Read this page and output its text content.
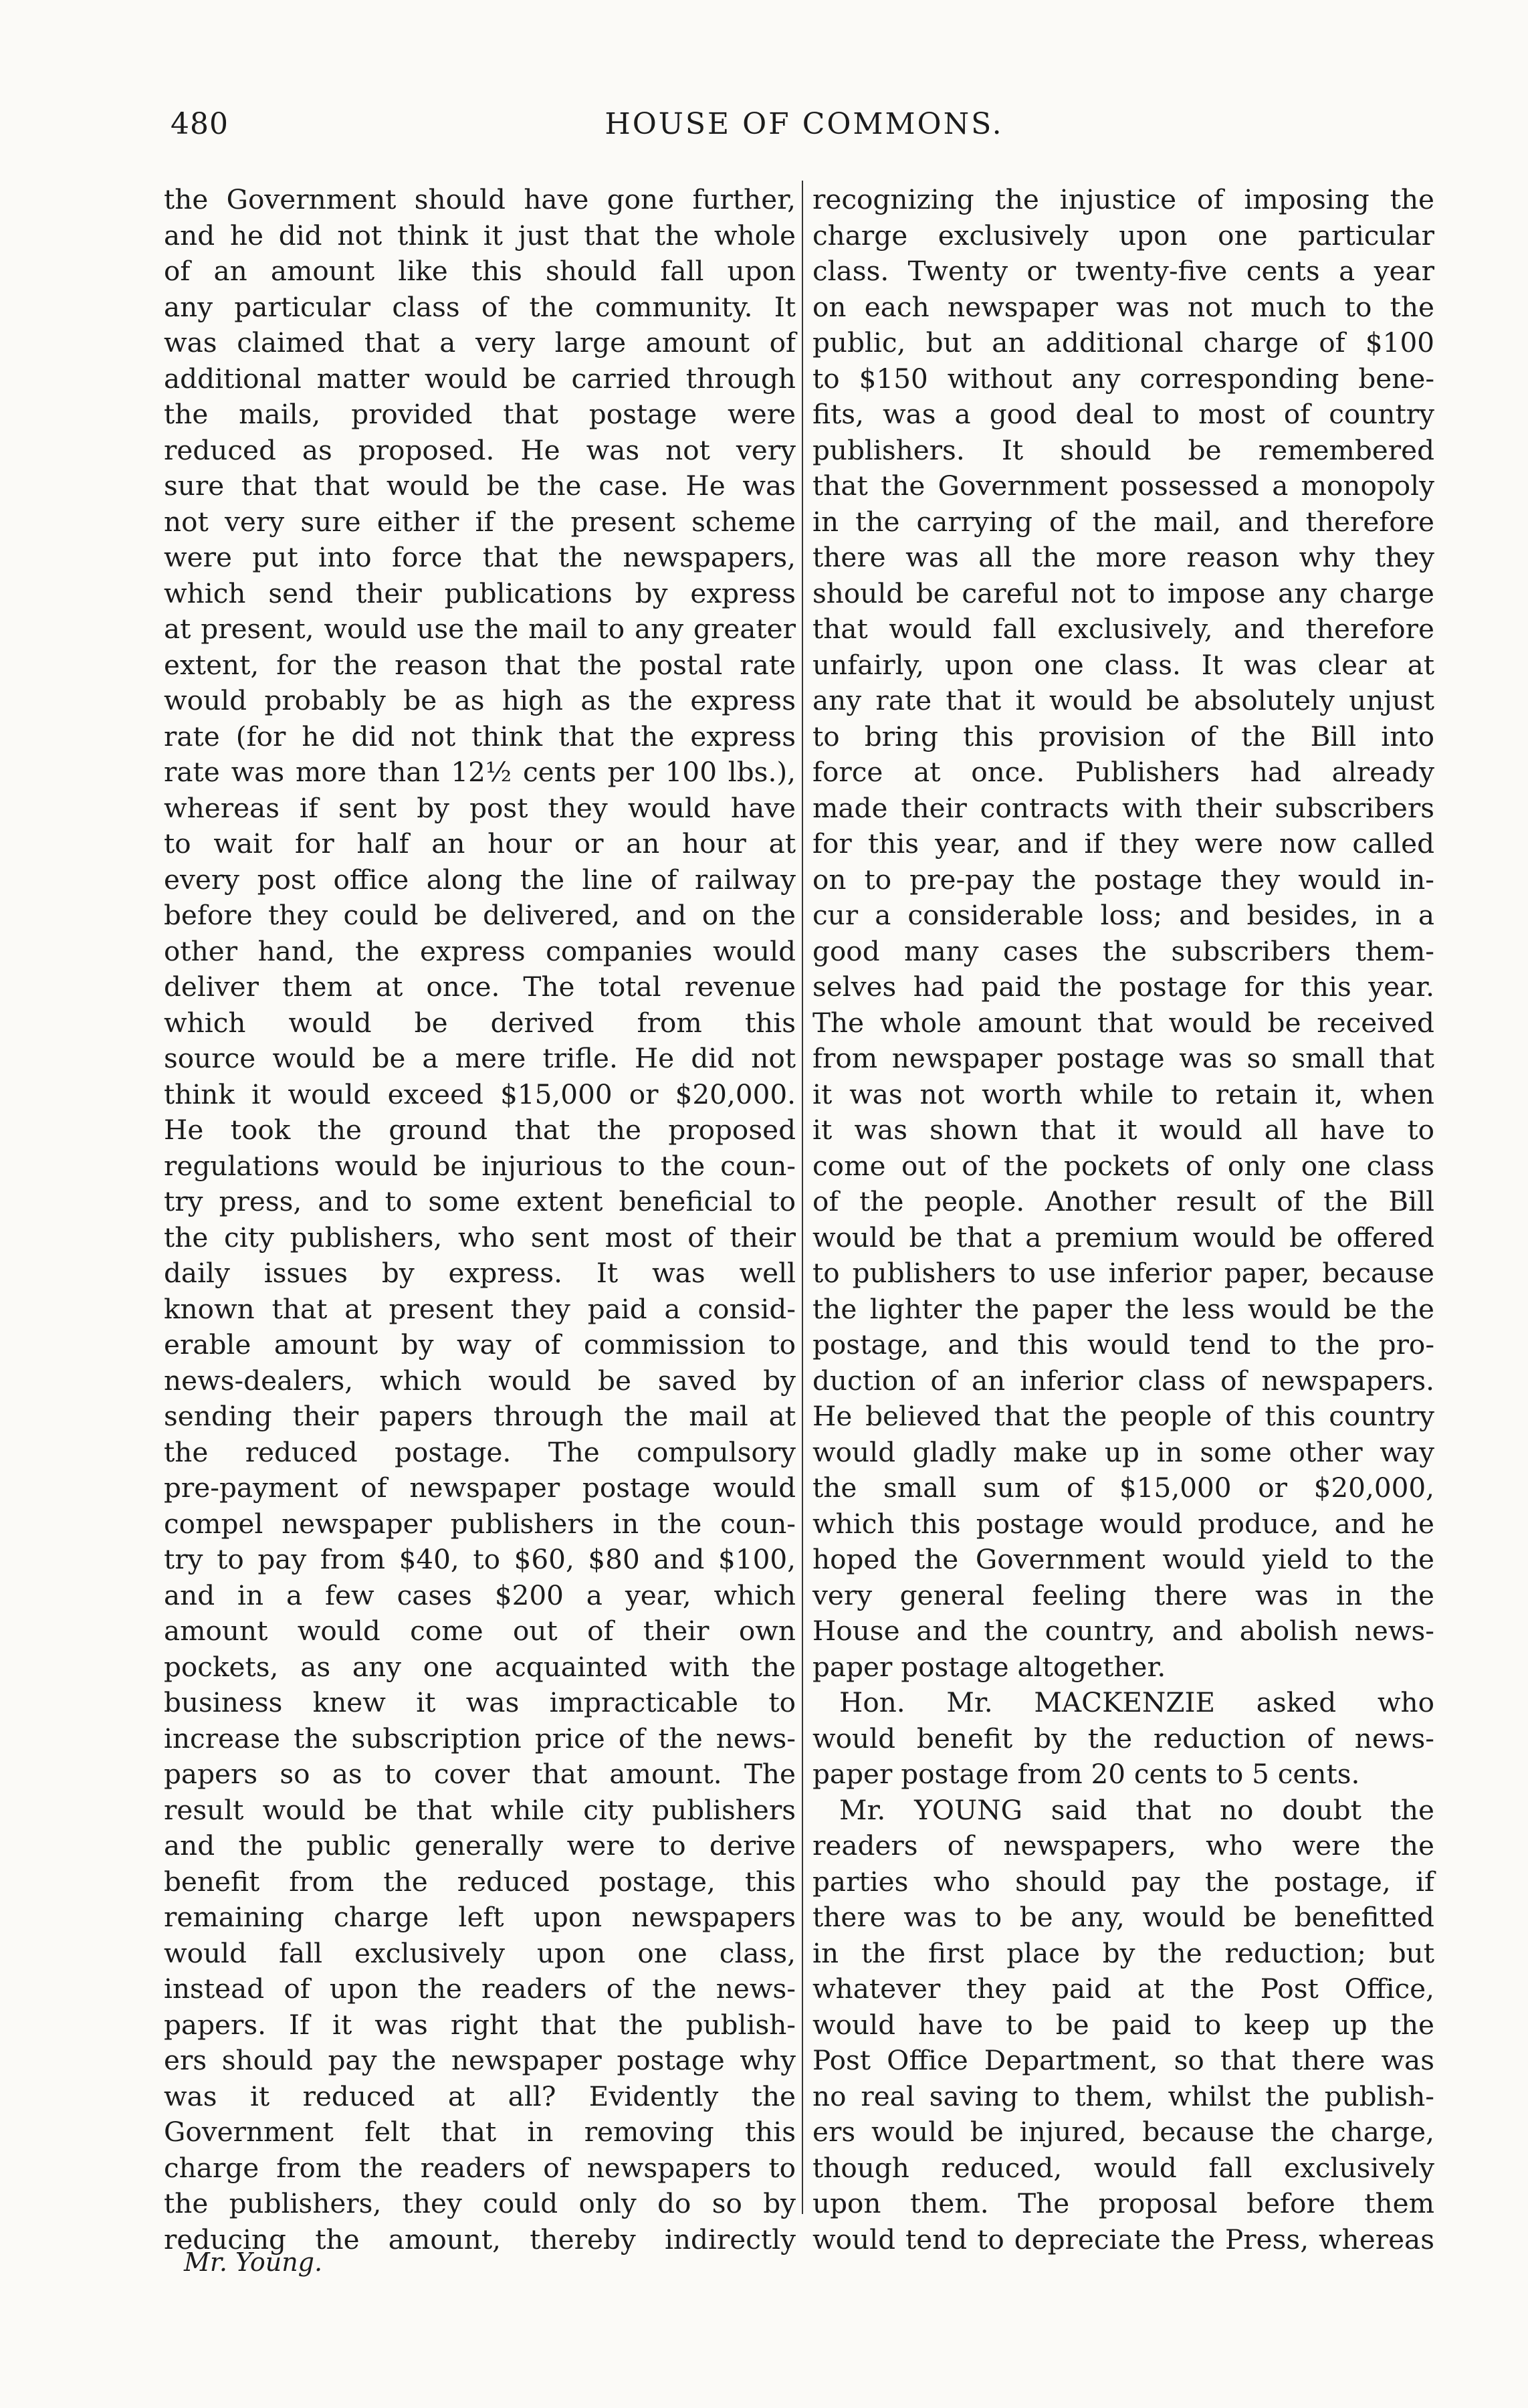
480	HOUSE OF COMMONS.
the Government should have gone further,
and he did not think it just that the whole
of an amount like this should fall upon
any particular class of the community. It
was claimed that a very large amount of
additional matter would be carried through
the mails, provided that postage were
reduced as proposed. He was not very
sure that that would be the case. He was
not very sure either if the present scheme
were put into force that the newspapers,
which send their publications by express
at present, would use the mail to any greater
extent, for the reason that the postal rate
would probably be as high as the express
rate (for he did not think that the express
rate was more than 12½ cents per 100 lbs.),
whereas if sent by post they would have
to wait for half an hour or an hour at
every post office along the line of railway
before they could be delivered, and on the
other hand, the express companies would
deliver them at once. The total revenue
which would be derived from this
source would be a mere trifle. He did not
think it would exceed $15,000 or $20,000.
He took the ground that the proposed
regulations would be injurious to the coun-
try press, and to some extent beneficial to
the city publishers, who sent most of their
daily issues by express. It was well
known that at present they paid a consid-
erable amount by way of commission to
news-dealers, which would be saved by
sending their papers through the mail at
the reduced postage. The compulsory
pre-payment of newspaper postage would
compel newspaper publishers in the coun-
try to pay from $40, to $60, $80 and $100,
and in a few cases $200 a year, which
amount would come out of their own
pockets, as any one acquainted with the
business knew it was impracticable to
increase the subscription price of the news-
papers so as to cover that amount. The
result would be that while city publishers
and the public generally were to derive
benefit from the reduced postage, this
remaining charge left upon newspapers
would fall exclusively upon one class,
instead of upon the readers of the news-
papers. If it was right that the publish-
ers should pay the newspaper postage why
was it reduced at all? Evidently the
Government felt that in removing this
charge from the readers of newspapers to
the publishers, they could only do so by
reducing the amount, thereby indirectly
recognizing the injustice of imposing the
charge exclusively upon one particular
class. Twenty or twenty-five cents a year
on each newspaper was not much to the
public, but an additional charge of $100
to $150 without any corresponding bene-
fits, was a good deal to most of country
publishers. It should be remembered
that the Government possessed a monopoly
in the carrying of the mail, and therefore
there was all the more reason why they
should be careful not to impose any charge
that would fall exclusively, and therefore
unfairly, upon one class. It was clear at
any rate that it would be absolutely unjust
to bring this provision of the Bill into
force at once. Publishers had already
made their contracts with their subscribers
for this year, and if they were now called
on to pre-pay the postage they would in-
cur a considerable loss; and besides, in a
good many cases the subscribers them-
selves had paid the postage for this year.
The whole amount that would be received
from newspaper postage was so small that
it was not worth while to retain it, when
it was shown that it would all have to
come out of the pockets of only one class
of the people. Another result of the Bill
would be that a premium would be offered
to publishers to use inferior paper, because
the lighter the paper the less would be the
postage, and this would tend to the pro-
duction of an inferior class of newspapers.
He believed that the people of this country
would gladly make up in some other way
the small sum of $15,000 or $20,000,
which this postage would produce, and he
hoped the Government would yield to the
very general feeling there was in the
House and the country, and abolish news-
paper postage altogether.
Hon. Mr. MACKENZIE asked who
would benefit by the reduction of news-
paper postage from 20 cents to 5 cents.
Mr. YOUNG said that no doubt the
readers of newspapers, who were the
parties who should pay the postage, if
there was to be any, would be benefitted
in the first place by the reduction; but
whatever they paid at the Post Office,
would have to be paid to keep up the
Post Office Department, so that there was
no real saving to them, whilst the publish-
ers would be injured, because the charge,
though reduced, would fall exclusively
upon them. The proposal before them
would tend to depreciate the Press, whereas
Mr. Young.
